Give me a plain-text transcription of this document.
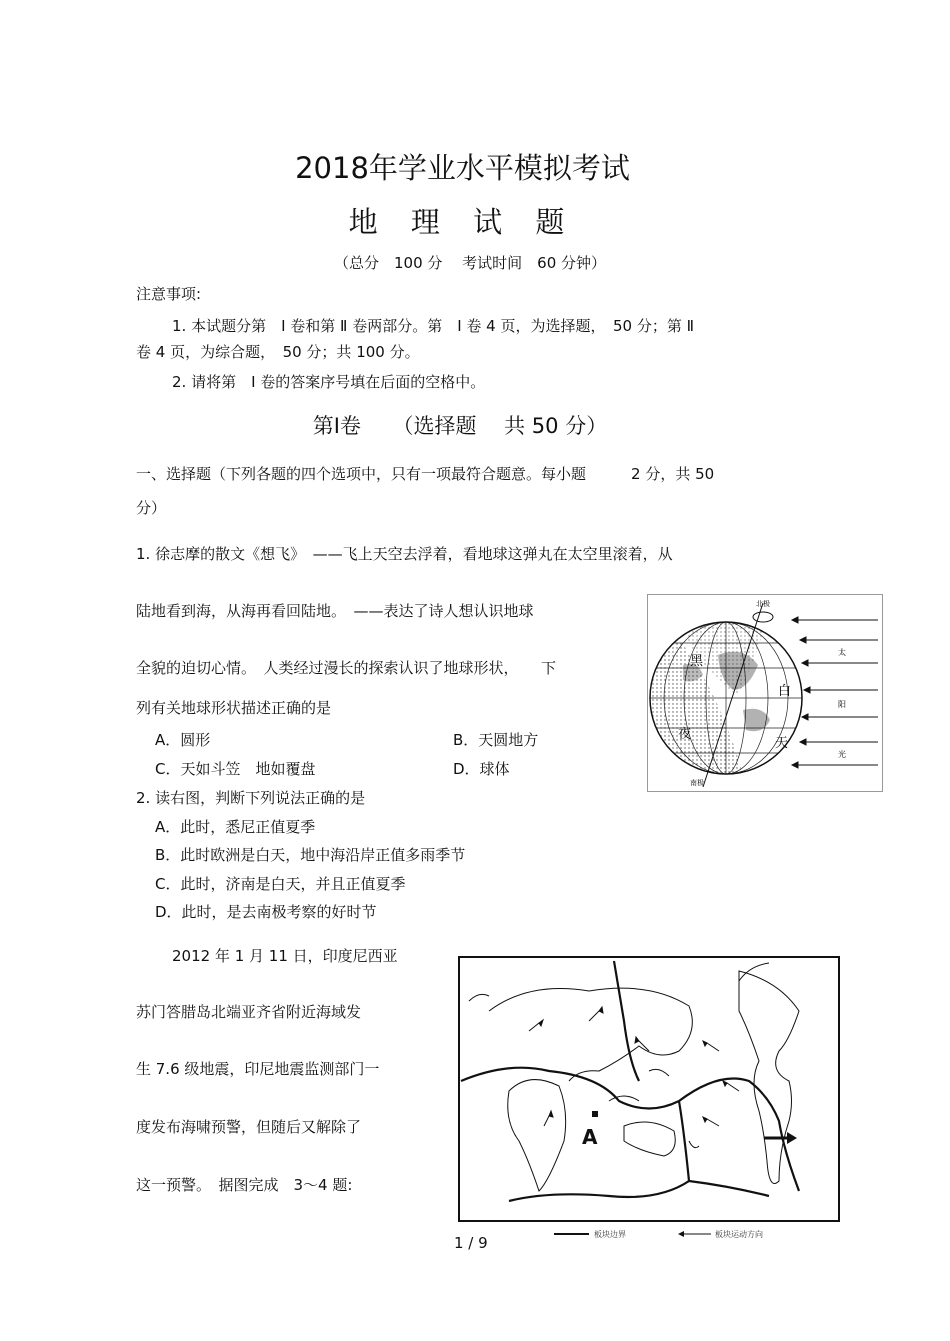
2018年学业水平模拟考试
地 理 试 题
（总分　100 分　 考试时间　60 分钟）
注意事项:
1. 本试题分第　Ⅰ 卷和第 Ⅱ 卷两部分。第　Ⅰ 卷 4 页，为选择题，　50 分；第 Ⅱ
卷 4 页，为综合题，　50 分；共 100 分。
2. 请将第　Ⅰ 卷的答案序号填在后面的空格中。
第Ⅰ卷　　（选择题　 共 50 分）
一、选择题（下列各题的四个选项中，只有一项最符合题意。每小题　　　2 分，共 50
分）
1. 徐志摩的散文《想飞》　——飞上天空去浮着，看地球这弹丸在太空里滚着，从
陆地看到海，从海再看回陆地。　——表达了诗人想认识地球
全貌的迫切心情。　人类经过漫长的探索认识了地球形状，　　下
列有关地球形状描述正确的是
A．圆形	B．天圆地方
C．天如斗笠　地如覆盘	D．球体
2. 读右图，判断下列说法正确的是
A．此时，悉尼正值夏季
B．此时欧洲是白天，地中海沿岸正值多雨季节
C．此时，济南是白天，并且正值夏季
D．此时，是去南极考察的好时节
2012 年 1 月 11 日，印度尼西亚
苏门答腊岛北端亚齐省附近海域发
生 7.6 级地震，印尼地震监测部门一
度发布海啸预警，但随后又解除了
这一预警。　据图完成　3～4 题:
北极
南极
黑
夜
白
天
太
阳
光
A
板块边界	板块运动方向
1 / 9
